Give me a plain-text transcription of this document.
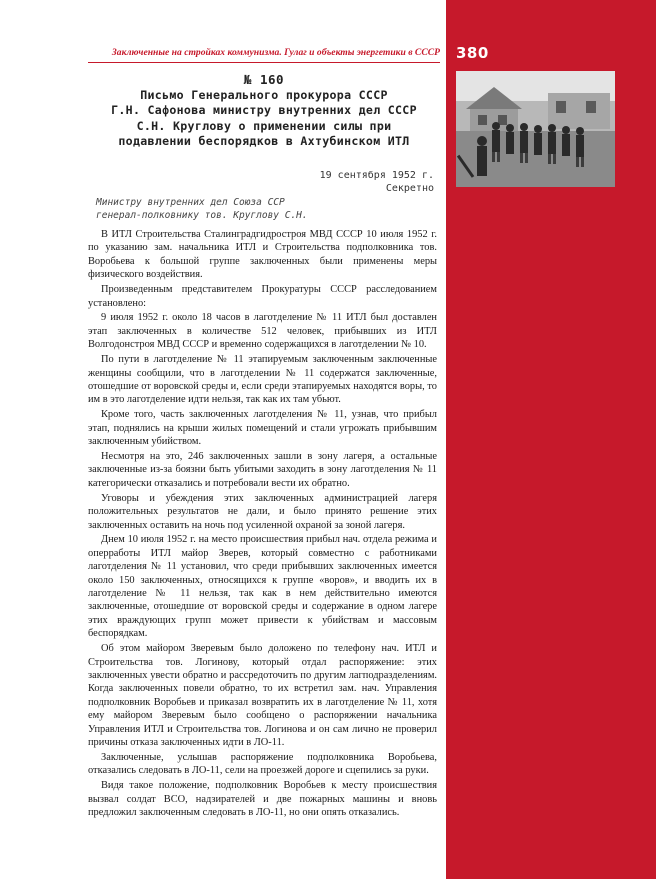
380
Заключенные на стройках коммунизма. Гулаг и объекты энергетики в СССР
№ 160
Письмо Генерального прокурора СССР
Г.Н. Сафонова министру внутренних дел СССР
С.Н. Круглову о применении силы при
подавлении беспорядков в Ахтубинском ИТЛ
19 сентября 1952 г.
Секретно
Министру внутренних дел Союза ССР
генерал-полковнику тов. Круглову С.Н.

В ИТЛ Строительства Сталинградгидростроя МВД СССР 10 июля 1952 г. по указанию зам. начальника ИТЛ и Строительства подполковника тов. Воробьева к большой группе заключенных были применены меры физического воздействия.

Произведенным представителем Прокуратуры СССР расследованием установлено:

9 июля 1952 г. около 18 часов в лаготделение № 11 ИТЛ был доставлен этап заключенных в количестве 512 человек, прибывших из ИТЛ Волгодонстроя МВД СССР и временно содержащихся в лаготделении № 10.

По пути в лаготделение № 11 этапируемым заключенным заключенные женщины сообщили, что в лаготделении № 11 содержатся заключенные, отошедшие от воровской среды и, если среди этапируемых находятся воры, то им в это лаготделение идти нельзя, так как их там убьют.

Кроме того, часть заключенных лаготделения № 11, узнав, что прибыл этап, поднялись на крыши жилых помещений и стали угрожать прибывшим заключенным убийством.

Несмотря на это, 246 заключенных зашли в зону лагеря, а остальные заключенные из-за боязни быть убитыми заходить в зону лаготделения № 11 категорически отказались и потребовали вести их обратно.

Уговоры и убеждения этих заключенных администрацией лагеря положительных результатов не дали, и было принято решение этих заключенных оставить на ночь под усиленной охраной за зоной лагеря.

Днем 10 июля 1952 г. на место происшествия прибыл нач. отдела режима и оперработы ИТЛ майор Зверев, который совместно с работниками лаготделения № 11 установил, что среди прибывших заключенных имеется около 150 заключенных, относящихся к группе «воров», и вводить их в лаготделение № 11 нельзя, так как в нем действительно имеются заключенные, отошедшие от воровской среды и содержание в одном лагере этих враждующих групп может привести к убийствам и массовым беспорядкам.

Об этом майором Зверевым было доложено по телефону нач. ИТЛ и Строительства тов. Логинову, который отдал распоряжение: этих заключенных увести обратно и рассредоточить по другим лагподразделениям. Когда заключенных повели обратно, то их встретил зам. нач. Управления подполковник Воробьев и приказал возвратить их в лаготделение № 11, хотя ему майором Зверевым было сообщено о распоряжении начальника Управления ИТЛ и Строительства тов. Логинова и он сам лично не проверил причины отказа заключенных идти в ЛО-11.

Заключенные, услышав распоряжение подполковника Воробьева, отказались следовать в ЛО-11, сели на проезжей дороге и сцепились за руки.

Видя такое положение, подполковник Воробьев к месту происшествия вызвал солдат ВСО, надзирателей и две пожарных машины и вновь предложил заключенным следовать в ЛО-11, но они опять отказались.
